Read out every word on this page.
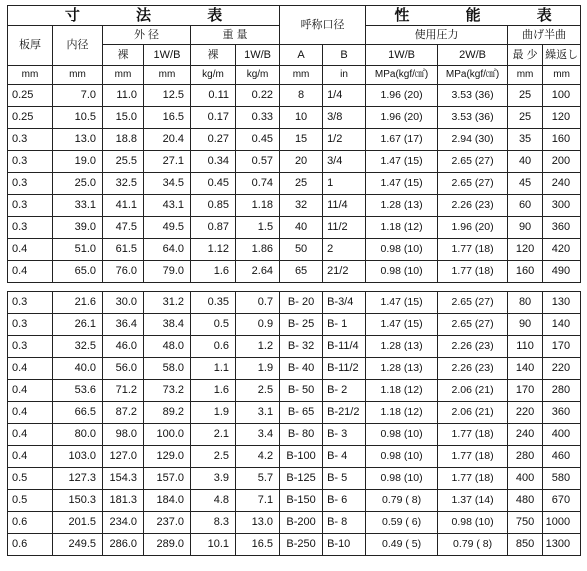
寸 法 表						呼称口径		性 能 表			
板厚	内径	外 径		重 量				使用圧力		曲げ半曲	
		裸	1W/B	裸	1W/B	A	B	1W/B	2W/B	最 少	繰返し
mm	mm	mm	mm	kg/m	kg/m	mm	in	MPa(kgf/㎠)	MPa(kgf/㎠)	mm	mm
0.25	7.0	11.0	12.5	0.11	0.22	8	1/4	1.96 (20)	3.53 (36)	25	100
0.25	10.5	15.0	16.5	0.17	0.33	10	3/8	1.96 (20)	3.53 (36)	25	120
0.3	13.0	18.8	20.4	0.27	0.45	15	1/2	1.67 (17)	2.94 (30)	35	160
0.3	19.0	25.5	27.1	0.34	0.57	20	3/4	1.47 (15)	2.65 (27)	40	200
0.3	25.0	32.5	34.5	0.45	0.74	25	1	1.47 (15)	2.65 (27)	45	240
0.3	33.1	41.1	43.1	0.85	1.18	32	11/4	1.28 (13)	2.26 (23)	60	300
0.3	39.0	47.5	49.5	0.87	1.5	40	11/2	1.18 (12)	1.96 (20)	90	360
0.4	51.0	61.5	64.0	1.12	1.86	50	2	0.98 (10)	1.77 (18)	120	420
0.4	65.0	76.0	79.0	1.6	2.64	65	21/2	0.98 (10)	1.77 (18)	160	490

0.3	21.6	30.0	31.2	0.35	0.7	B- 20	B-3/4	1.47 (15)	2.65 (27)	80	130
0.3	26.1	36.4	38.4	0.5	0.9	B- 25	B- 1	1.47 (15)	2.65 (27)	90	140
0.3	32.5	46.0	48.0	0.6	1.2	B- 32	B-11/4	1.28 (13)	2.26 (23)	110	170
0.4	40.0	56.0	58.0	1.1	1.9	B- 40	B-11/2	1.28 (13)	2.26 (23)	140	220
0.4	53.6	71.2	73.2	1.6	2.5	B- 50	B- 2	1.18 (12)	2.06 (21)	170	280
0.4	66.5	87.2	89.2	1.9	3.1	B- 65	B-21/2	1.18 (12)	2.06 (21)	220	360
0.4	80.0	98.0	100.0	2.1	3.4	B- 80	B- 3	0.98 (10)	1.77 (18)	240	400
0.4	103.0	127.0	129.0	2.5	4.2	B-100	B- 4	0.98 (10)	1.77 (18)	280	460
0.5	127.3	154.3	157.0	3.9	5.7	B-125	B- 5	0.98 (10)	1.77 (18)	400	580
0.5	150.3	181.3	184.0	4.8	7.1	B-150	B- 6	0.79 ( 8)	1.37 (14)	480	670
0.6	201.5	234.0	237.0	8.3	13.0	B-200	B- 8	0.59 ( 6)	0.98 (10)	750	1000
0.6	249.5	286.0	289.0	10.1	16.5	B-250	B-10	0.49 ( 5)	0.79 ( 8)	850	1300
